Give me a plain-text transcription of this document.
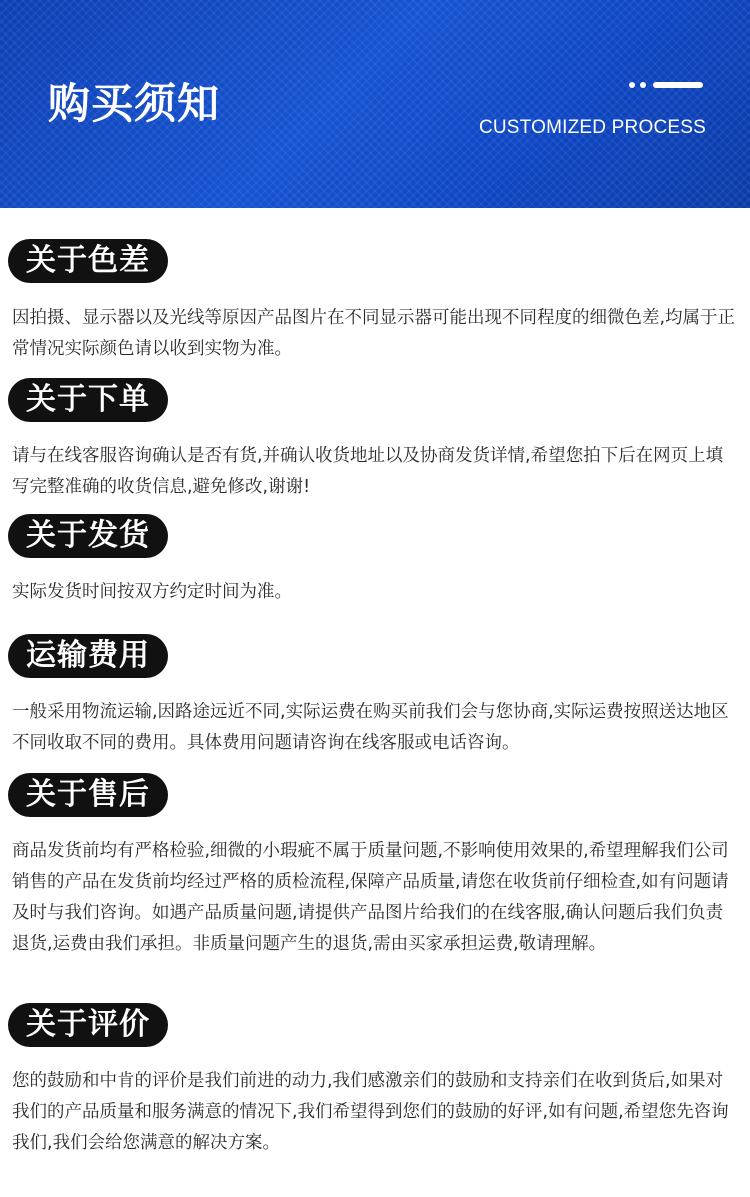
购买须知	CUSTOMIZED PROCESS
关于色差
因拍摄、显示器以及光线等原因产品图片在不同显示器可能出现不同程度的细微色差,均属于正常情况实际颜色请以收到实物为准。
关于下单
请与在线客服咨询确认是否有货,并确认收货地址以及协商发货详情,希望您拍下后在网页上填写完整准确的收货信息,避免修改,谢谢!
关于发货
实际发货时间按双方约定时间为准。
运输费用
一般采用物流运输,因路途远近不同,实际运费在购买前我们会与您协商,实际运费按照送达地区不同收取不同的费用。具体费用问题请咨询在线客服或电话咨询。
关于售后
商品发货前均有严格检验,细微的小瑕疵不属于质量问题,不影响使用效果的,希望理解我们公司销售的产品在发货前均经过严格的质检流程,保障产品质量,请您在收货前仔细检查,如有问题请及时与我们咨询。如遇产品质量问题,请提供产品图片给我们的在线客服,确认问题后我们负责退货,运费由我们承担。非质量问题产生的退货,需由买家承担运费,敬请理解。
关于评价
您的鼓励和中肯的评价是我们前进的动力,我们感激亲们的鼓励和支持亲们在收到货后,如果对我们的产品质量和服务满意的情况下,我们希望得到您们的鼓励的好评,如有问题,希望您先咨询我们,我们会给您满意的解决方案。
